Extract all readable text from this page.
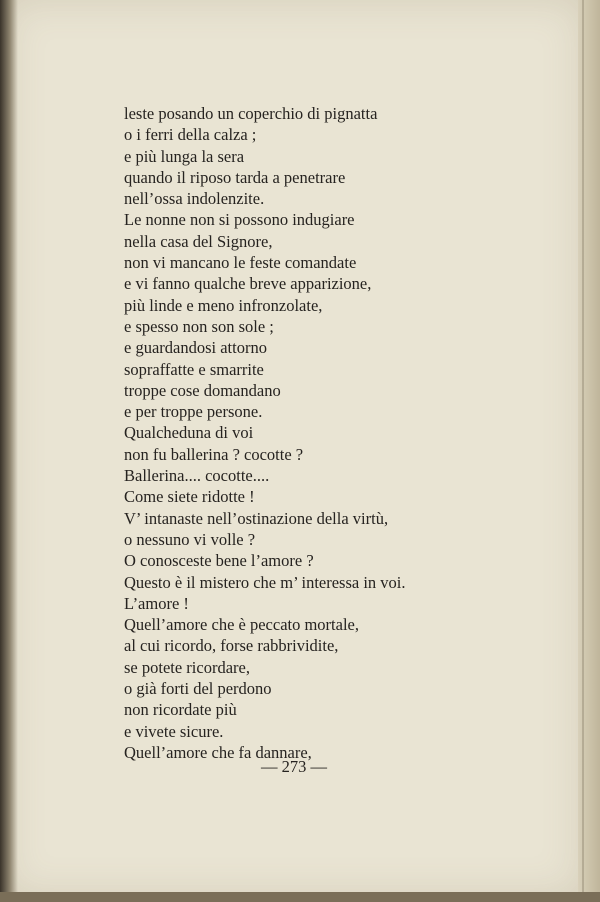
leste posando un coperchio di pignatta
o i ferri della calza ;
e più lunga la sera
quando il riposo tarda a penetrare
nell’ossa indolenzite.
Le nonne non si possono indugiare
nella casa del Signore,
non vi mancano le feste comandate
e vi fanno qualche breve apparizione,
più linde e meno infronzolate,
e spesso non son sole ;
e guardandosi attorno
sopraffatte e smarrite
troppe cose domandano
e per troppe persone.
Qualcheduna di voi
non fu ballerina ? cocotte ?
Ballerina.... cocotte....
Come siete ridotte !
V’ intanaste nell’ostinazione della virtù,
o nessuno vi volle ?
O conosceste bene l’amore ?
Questo è il mistero che m’ interessa in voi.
L’amore !
Quell’amore che è peccato mortale,
al cui ricordo, forse rabbrividite,
se potete ricordare,
o già forti del perdono
non ricordate più
e vivete sicure.
Quell’amore che fa dannare,
— 273 —
